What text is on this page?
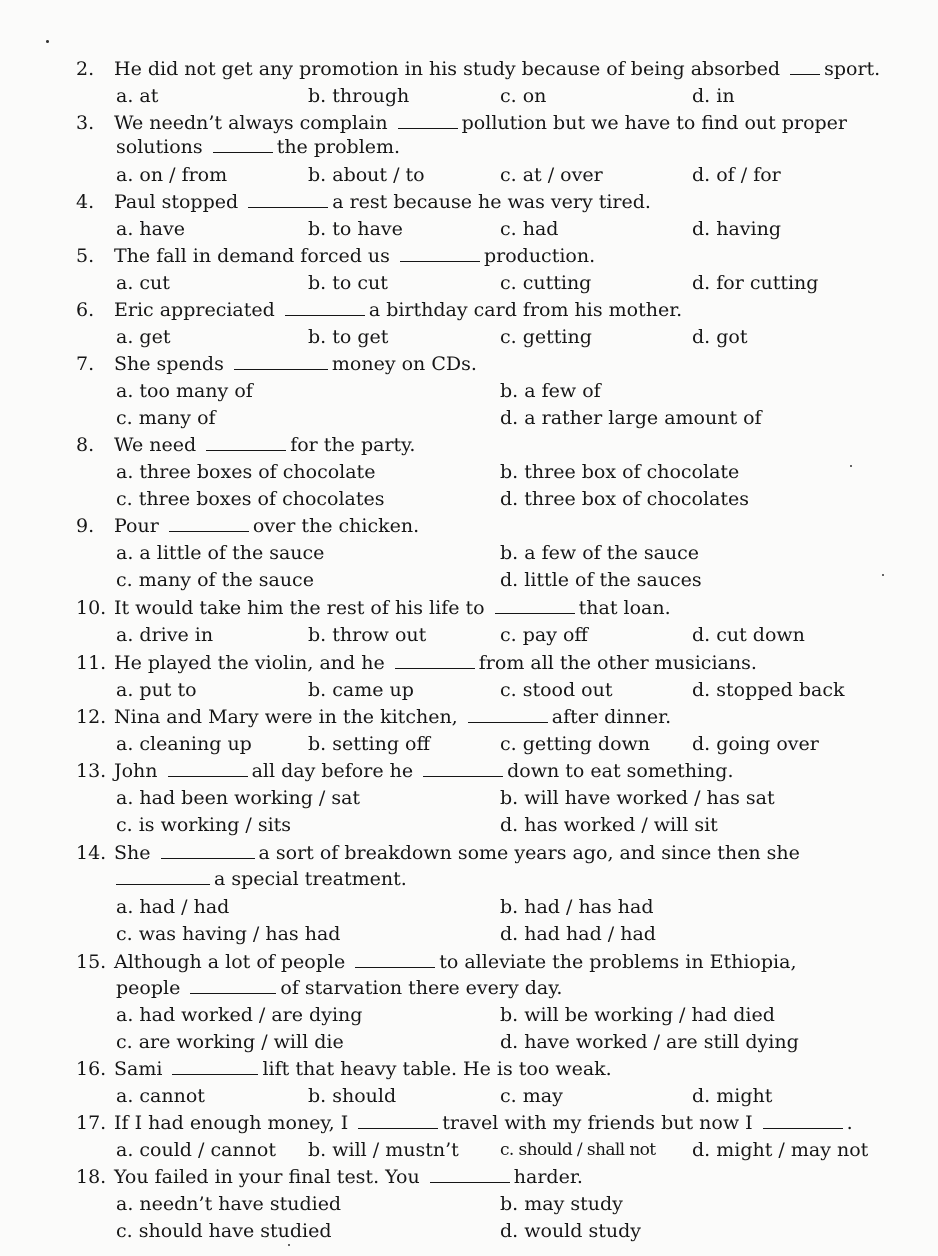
2. He did not get any promotion in his study because of being absorbed sport.
a. at	b. through	c. on	d. in
3. We needn’t always complain	pollution but we have to find out proper
solutions	the problem.
a. on / from	b. about / to	c. at / over	d. of / for
4. Paul stopped	a rest because he was very tired.
a. have	b. to have	c. had	d. having
5. The fall in demand forced us	production.
a. cut	b. to cut	c. cutting	d. for cutting
6. Eric appreciated	a birthday card from his mother.
a. get	b. to get	c. getting	d. got
7. She spends	money on CDs.
a. too many of	b. a few of
c. many of	d. a rather large amount of
8. We need	for the party.
a. three boxes of chocolate	b. three box of chocolate
c. three boxes of chocolates	d. three box of chocolates
9. Pour	over the chicken.
a. a little of the sauce	b. a few of the sauce
c. many of the sauce	d. little of the sauces
10. It would take him the rest of his life to	that loan.
a. drive in	b. throw out	c. pay off	d. cut down
11. He played the violin, and he	from all the other musicians.
a. put to	b. came up	c. stood out	d. stopped back
12. Nina and Mary were in the kitchen,	after dinner.
a. cleaning up	b. setting off	c. getting down d. going over
13. John	all day before he	down to eat something.
a. had been working / sat	b. will have worked / has sat
c. is working / sits	d. has worked / will sit
14. She	a sort of breakdown some years ago, and since then she
a special treatment.
a. had / had	b. had / has had
c. was having / has had	d. had had / had
15. Although a lot of people	to alleviate the problems in Ethiopia,
people	of starvation there every day.
a. had worked / are dying	b. will be working / had died
c. are working / will die	d. have worked / are still dying
16. Sami	lift that heavy table. He is too weak.
a. cannot	b. should	c. may	d. might
17. If I had enough money, I	travel with my friends but now I	.
a. could / cannot b. will / mustn’t c. should / shall not d. might / may not
18. You failed in your final test. You	harder.
a. needn’t have studied	b. may study
c. should have studied	d. would study
